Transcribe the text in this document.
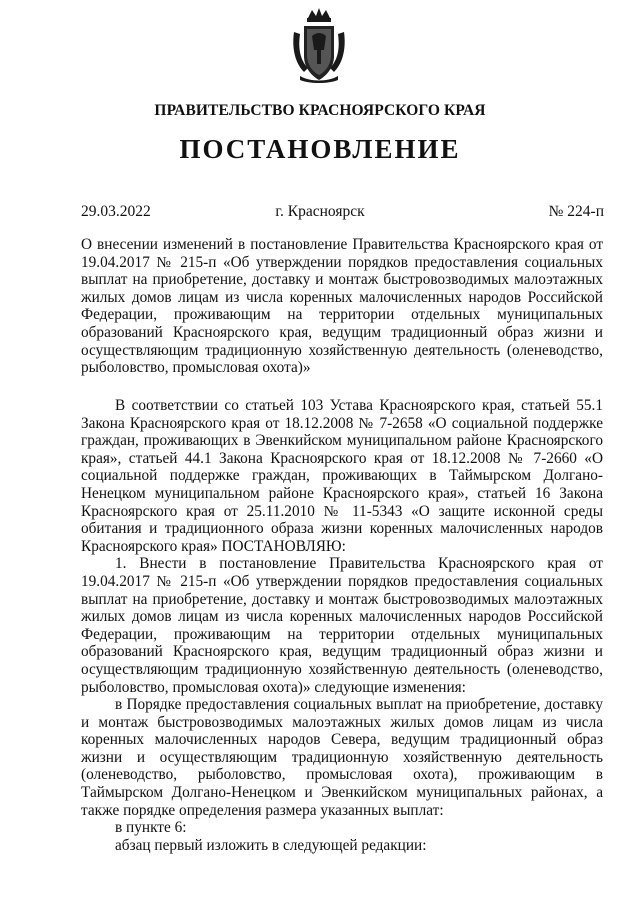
ПРАВИТЕЛЬСТВО КРАСНОЯРСКОГО КРАЯ
ПОСТАНОВЛЕНИЕ
29.03.2022	г. Красноярск	№ 224-п

О внесении изменений в постановление Правительства Красноярского края от 19.04.2017 № 215-п «Об утверждении порядков предоставления социальных выплат на приобретение, доставку и монтаж быстровозводимых малоэтажных жилых домов лицам из числа коренных малочисленных народов Российской Федерации, проживающим на территории отдельных муниципальных образований Красноярского края, ведущим традиционный образ жизни и осуществляющим традиционную хозяйственную деятельность (оленеводство, рыболовство, промысловая охота)»

В соответствии со статьей 103 Устава Красноярского края, статьей 55.1 Закона Красноярского края от 18.12.2008 № 7-2658 «О социальной поддержке граждан, проживающих в Эвенкийском муниципальном районе Красноярского края», статьей 44.1 Закона Красноярского края от 18.12.2008 № 7-2660 «О социальной поддержке граждан, проживающих в Таймырском Долгано-Ненецком муниципальном районе Красноярского края», статьей 16 Закона Красноярского края от 25.11.2010 № 11-5343 «О защите исконной среды обитания и традиционного образа жизни коренных малочисленных народов Красноярского края» ПОСТАНОВЛЯЮ:

1. Внести в постановление Правительства Красноярского края от 19.04.2017 № 215-п «Об утверждении порядков предоставления социальных выплат на приобретение, доставку и монтаж быстровозводимых малоэтажных жилых домов лицам из числа коренных малочисленных народов Российской Федерации, проживающим на территории отдельных муниципальных образований Красноярского края, ведущим традиционный образ жизни и осуществляющим традиционную хозяйственную деятельность (оленеводство, рыболовство, промысловая охота)» следующие изменения:

в Порядке предоставления социальных выплат на приобретение, доставку и монтаж быстровозводимых малоэтажных жилых домов лицам из числа коренных малочисленных народов Севера, ведущим традиционный образ жизни и осуществляющим традиционную хозяйственную деятельность (оленеводство, рыболовство, промысловая охота), проживающим в Таймырском Долгано-Ненецком и Эвенкийском муниципальных районах, а также порядке определения размера указанных выплат:

в пункте 6:

абзац первый изложить в следующей редакции:
